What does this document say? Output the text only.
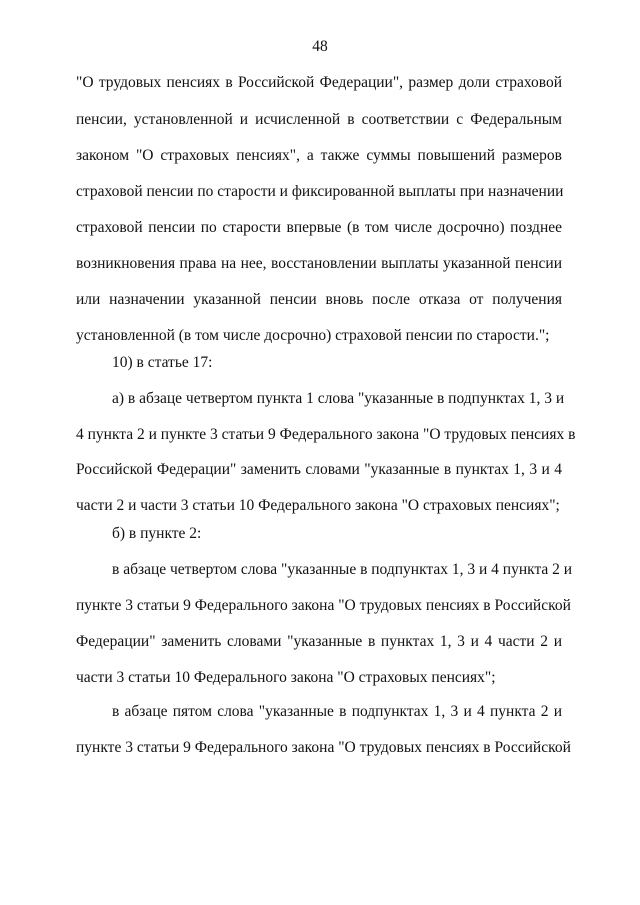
48
"О трудовых пенсиях в Российской Федерации", размер доли страховой
пенсии, установленной и исчисленной в соответствии с Федеральным
законом "О страховых пенсиях", а также суммы повышений размеров
страховой пенсии по старости и фиксированной выплаты при назначении
страховой пенсии по старости впервые (в том числе досрочно) позднее
возникновения права на нее, восстановлении выплаты указанной пенсии
или назначении указанной пенсии вновь после отказа от получения
установленной (в том числе досрочно) страховой пенсии по старости.";
10) в статье 17:
а) в абзаце четвертом пункта 1 слова "указанные в подпунктах 1, 3 и
4 пункта 2 и пункте 3 статьи 9 Федерального закона "О трудовых пенсиях в
Российской Федерации" заменить словами "указанные в пунктах 1, 3 и 4
части 2 и части 3 статьи 10 Федерального закона "О страховых пенсиях";
б) в пункте 2:
в абзаце четвертом слова "указанные в подпунктах 1, 3 и 4 пункта 2 и
пункте 3 статьи 9 Федерального закона "О трудовых пенсиях в Российской
Федерации" заменить словами "указанные в пунктах 1, 3 и 4 части 2 и
части 3 статьи 10 Федерального закона "О страховых пенсиях";
в абзаце пятом слова "указанные в подпунктах 1, 3 и 4 пункта 2 и
пункте 3 статьи 9 Федерального закона "О трудовых пенсиях в Российской
